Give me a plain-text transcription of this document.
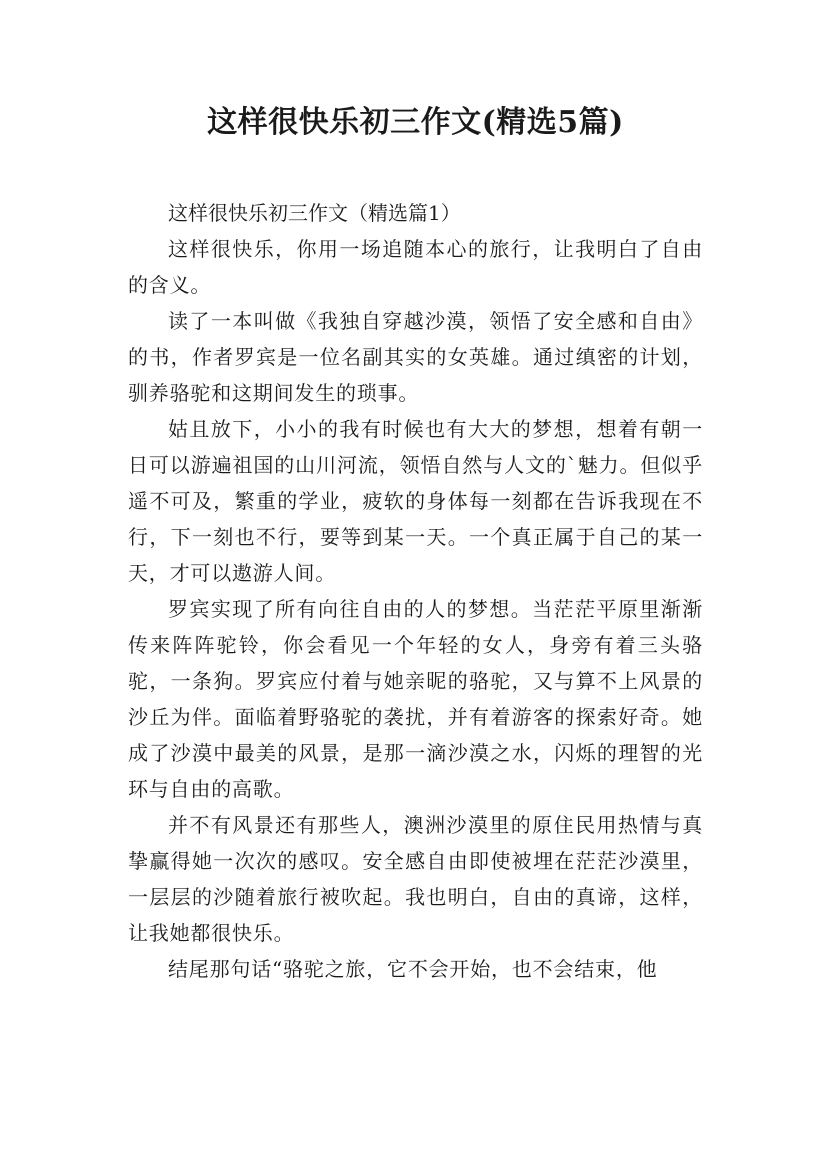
这样很快乐初三作文(精选5篇)

这样很快乐初三作文（精选篇1）

这样很快乐，你用一场追随本心的旅行，让我明白了自由的含义。

读了一本叫做《我独自穿越沙漠，领悟了安全感和自由》的书，作者罗宾是一位名副其实的女英雄。通过缜密的计划，驯养骆驼和这期间发生的琐事。

姑且放下，小小的我有时候也有大大的梦想，想着有朝一日可以游遍祖国的山川河流，领悟自然与人文的`魅力。但似乎遥不可及，繁重的学业，疲软的身体每一刻都在告诉我现在不行，下一刻也不行，要等到某一天。一个真正属于自己的某一天，才可以遨游人间。

罗宾实现了所有向往自由的人的梦想。当茫茫平原里渐渐传来阵阵驼铃，你会看见一个年轻的女人，身旁有着三头骆驼，一条狗。罗宾应付着与她亲昵的骆驼，又与算不上风景的沙丘为伴。面临着野骆驼的袭扰，并有着游客的探索好奇。她成了沙漠中最美的风景，是那一滴沙漠之水，闪烁的理智的光环与自由的高歌。

并不有风景还有那些人，澳洲沙漠里的原住民用热情与真挚赢得她一次次的感叹。安全感自由即使被埋在茫茫沙漠里，一层层的沙随着旅行被吹起。我也明白，自由的真谛，这样，让我她都很快乐。

结尾那句话“骆驼之旅，它不会开始，也不会结束，他
